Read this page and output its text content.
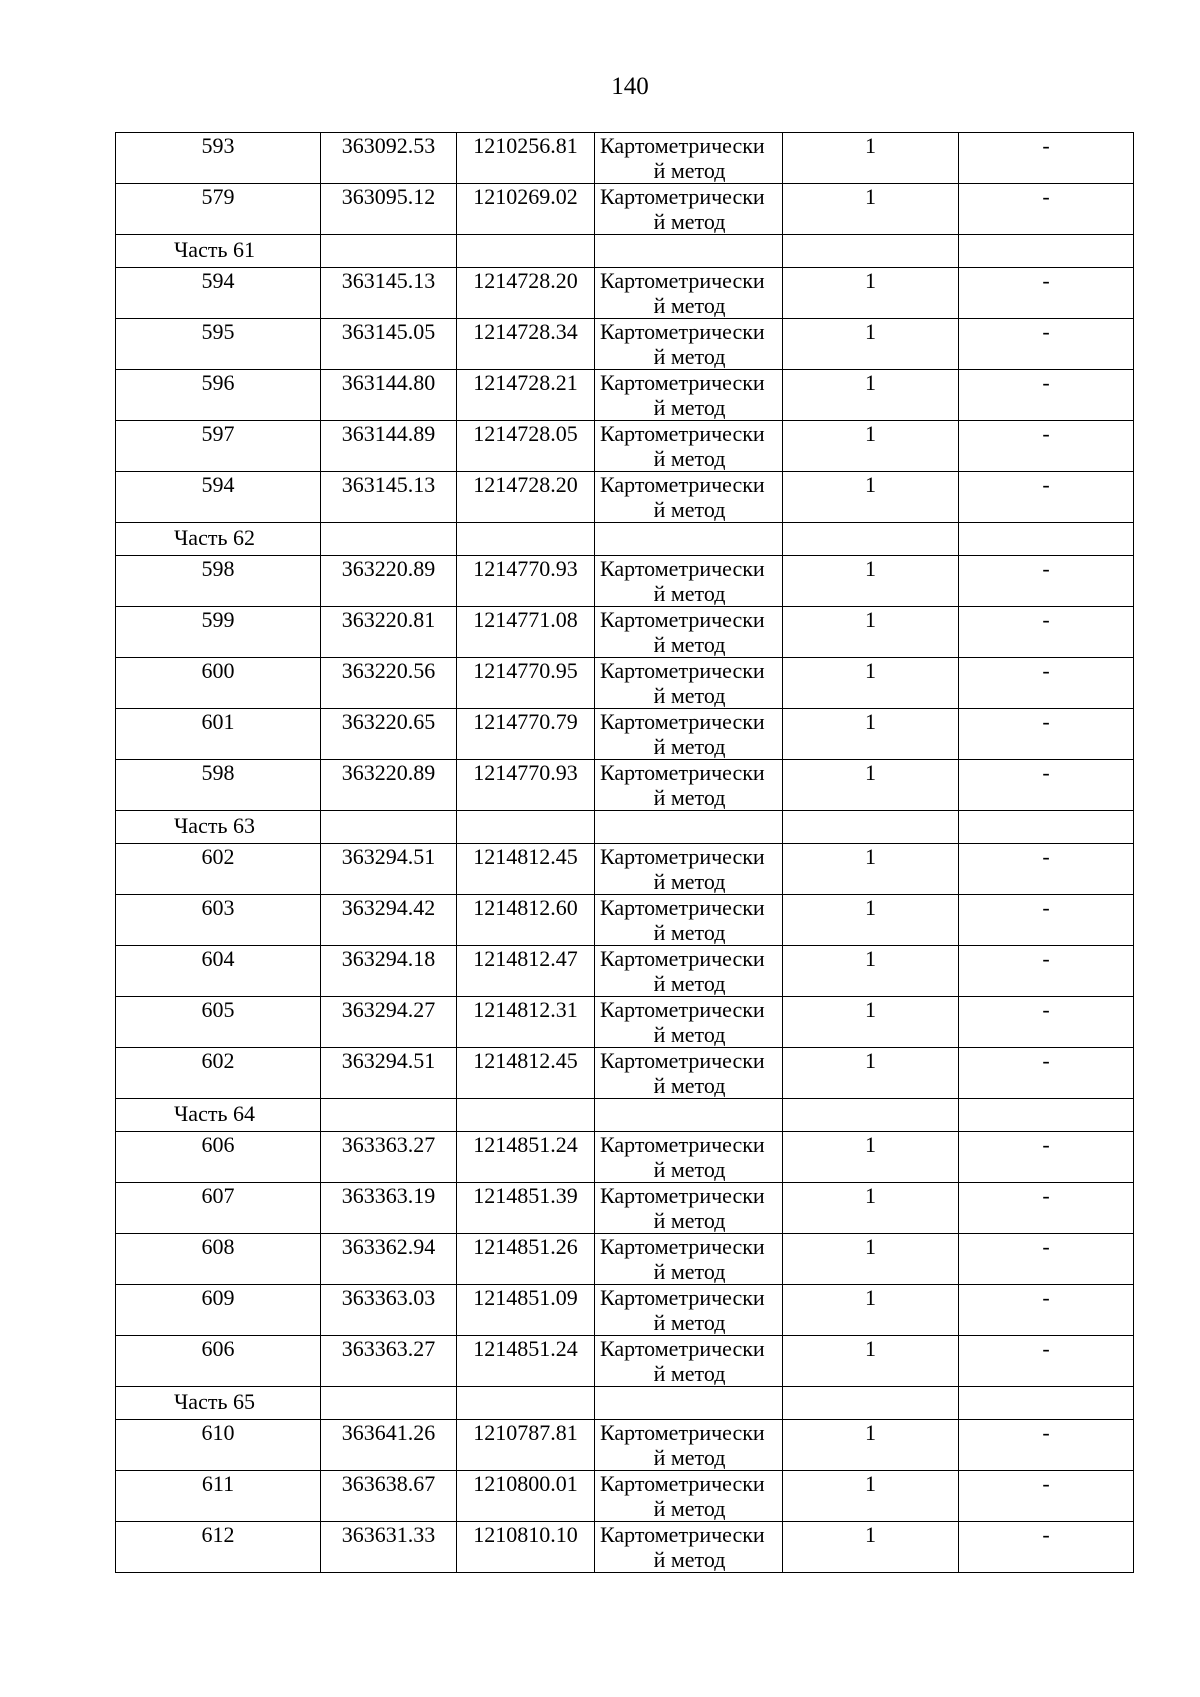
140
593	363092.53	1210256.81	Картометрически
й метод	1	-
579	363095.12	1210269.02	Картометрически
й метод	1	-
Часть 61					
594	363145.13	1214728.20	Картометрически
й метод	1	-
595	363145.05	1214728.34	Картометрически
й метод	1	-
596	363144.80	1214728.21	Картометрически
й метод	1	-
597	363144.89	1214728.05	Картометрически
й метод	1	-
594	363145.13	1214728.20	Картометрически
й метод	1	-
Часть 62					
598	363220.89	1214770.93	Картометрически
й метод	1	-
599	363220.81	1214771.08	Картометрически
й метод	1	-
600	363220.56	1214770.95	Картометрически
й метод	1	-
601	363220.65	1214770.79	Картометрически
й метод	1	-
598	363220.89	1214770.93	Картометрически
й метод	1	-
Часть 63					
602	363294.51	1214812.45	Картометрически
й метод	1	-
603	363294.42	1214812.60	Картометрически
й метод	1	-
604	363294.18	1214812.47	Картометрически
й метод	1	-
605	363294.27	1214812.31	Картометрически
й метод	1	-
602	363294.51	1214812.45	Картометрически
й метод	1	-
Часть 64					
606	363363.27	1214851.24	Картометрически
й метод	1	-
607	363363.19	1214851.39	Картометрически
й метод	1	-
608	363362.94	1214851.26	Картометрически
й метод	1	-
609	363363.03	1214851.09	Картометрически
й метод	1	-
606	363363.27	1214851.24	Картометрически
й метод	1	-
Часть 65					
610	363641.26	1210787.81	Картометрически
й метод	1	-
611	363638.67	1210800.01	Картометрически
й метод	1	-
612	363631.33	1210810.10	Картометрически
й метод	1	-
